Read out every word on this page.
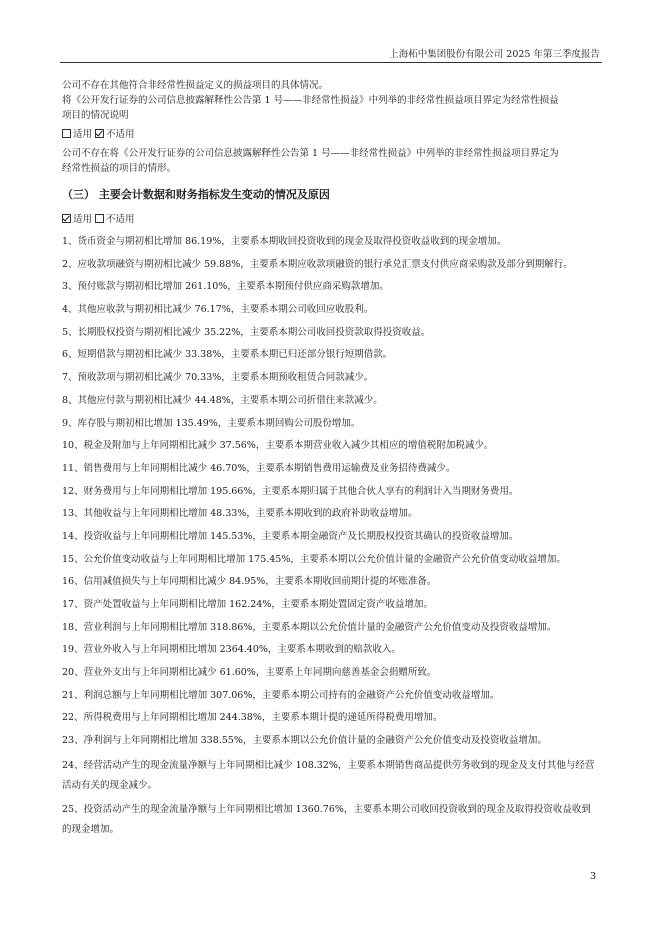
上海柘中集团股份有限公司 2025 年第三季度报告

公司不存在其他符合非经常性损益定义的损益项目的具体情况。

将《公开发行证券的公司信息披露解释性公告第 1 号——非经常性损益》中列举的非经常性损益项目界定为经常性损益

项目的情况说明

适用 不适用

公司不存在将《公开发行证券的公司信息披露解释性公告第 1 号——非经常性损益》中列举的非经常性损益项目界定为

经常性损益的项目的情形。

（三） 主要会计数据和财务指标发生变动的情况及原因

适用 不适用

1、货币资金与期初相比增加 86.19%，主要系本期收回投资收到的现金及取得投资收益收到的现金增加。
2、应收款项融资与期初相比减少 59.88%，主要系本期应收款项融资的银行承兑汇票支付供应商采购款及部分到期解行。
3、预付账款与期初相比增加 261.10%，主要系本期预付供应商采购款增加。
4、其他应收款与期初相比减少 76.17%，主要系本期公司收回应收股利。
5、长期股权投资与期初相比减少 35.22%，主要系本期公司收回投资款取得投资收益。
6、短期借款与期初相比减少 33.38%，主要系本期已归还部分银行短期借款。
7、预收款项与期初相比减少 70.33%，主要系本期预收租赁合同款减少。
8、其他应付款与期初相比减少 44.48%，主要系本期公司折借往来款减少。
9、库存股与期初相比增加 135.49%，主要系本期回购公司股份增加。
10、税金及附加与上年同期相比减少 37.56%，主要系本期营业收入减少其相应的增值税附加税减少。
11、销售费用与上年同期相比减少 46.70%，主要系本期销售费用运输费及业务招待费减少。
12、财务费用与上年同期相比增加 195.66%，主要系本期归属于其他合伙人享有的利润计入当期财务费用。
13、其他收益与上年同期相比增加 48.33%，主要系本期收到的政府补助收益增加。
14、投资收益与上年同期相比增加 145.53%，主要系本期金融资产及长期股权投资其确认的投资收益增加。
15、公允价值变动收益与上年同期相比增加 175.45%，主要系本期以公允价值计量的金融资产公允价值变动收益增加。
16、信用减值损失与上年同期相比减少 84.95%，主要系本期收回前期计提的坏账准备。
17、资产处置收益与上年同期相比增加 162.24%，主要系本期处置固定资产收益增加。
18、营业利润与上年同期相比增加 318.86%，主要系本期以公允价值计量的金融资产公允价值变动及投资收益增加。
19、营业外收入与上年同期相比增加 2364.40%，主要系本期收到的赔款收入。
20、营业外支出与上年同期相比减少 61.60%，主要系上年同期向慈善基金会捐赠所致。
21、利润总额与上年同期相比增加 307.06%，主要系本期公司持有的金融资产公允价值变动收益增加。
22、所得税费用与上年同期相比增加 244.38%，主要系本期计提的递延所得税费用增加。
23、净利润与上年同期相比增加 338.55%，主要系本期以公允价值计量的金融资产公允价值变动及投资收益增加。
24、经营活动产生的现金流量净额与上年同期相比减少 108.32%，主要系本期销售商品提供劳务收到的现金及支付其他与经营活动有关的现金减少。
25、投资活动产生的现金流量净额与上年同期相比增加 1360.76%，主要系本期公司收回投资收到的现金及取得投资收益收到的现金增加。
3
